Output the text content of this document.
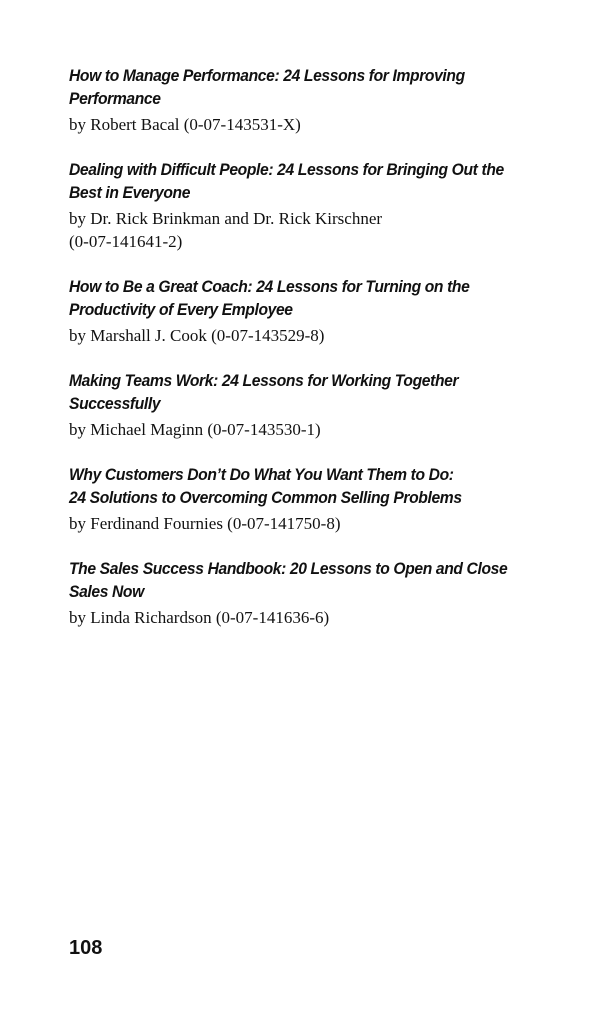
How to Manage Performance: 24 Lessons for Improving
Performance
by Robert Bacal (0-07-143531-X)
Dealing with Difficult People: 24 Lessons for Bringing Out the
Best in Everyone
by Dr. Rick Brinkman and Dr. Rick Kirschner
(0-07-141641-2)
How to Be a Great Coach: 24 Lessons for Turning on the
Productivity of Every Employee
by Marshall J. Cook (0-07-143529-8)
Making Teams Work: 24 Lessons for Working Together
Successfully
by Michael Maginn (0-07-143530-1)
Why Customers Don’t Do What You Want Them to Do:
24 Solutions to Overcoming Common Selling Problems
by Ferdinand Fournies (0-07-141750-8)
The Sales Success Handbook: 20 Lessons to Open and Close
Sales Now
by Linda Richardson (0-07-141636-6)
108
